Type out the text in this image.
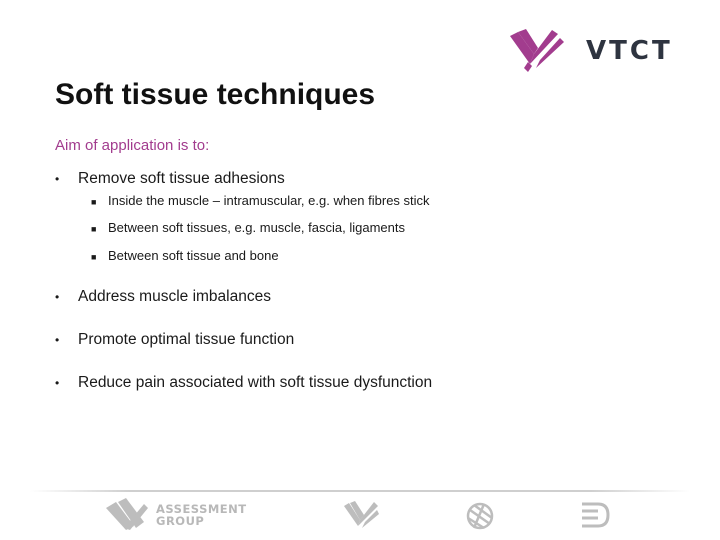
VTCT
Soft tissue techniques
Aim of application is to:
•	Remove soft tissue adhesions
■ Inside the muscle – intramuscular, e.g. when fibres stick
■ Between soft tissues, e.g. muscle, fascia, ligaments
■ Between soft tissue and bone
•	Address muscle imbalances
•	Promote optimal tissue function
•	Reduce pain associated with soft tissue dysfunction
ASSESSMENT
GROUP
